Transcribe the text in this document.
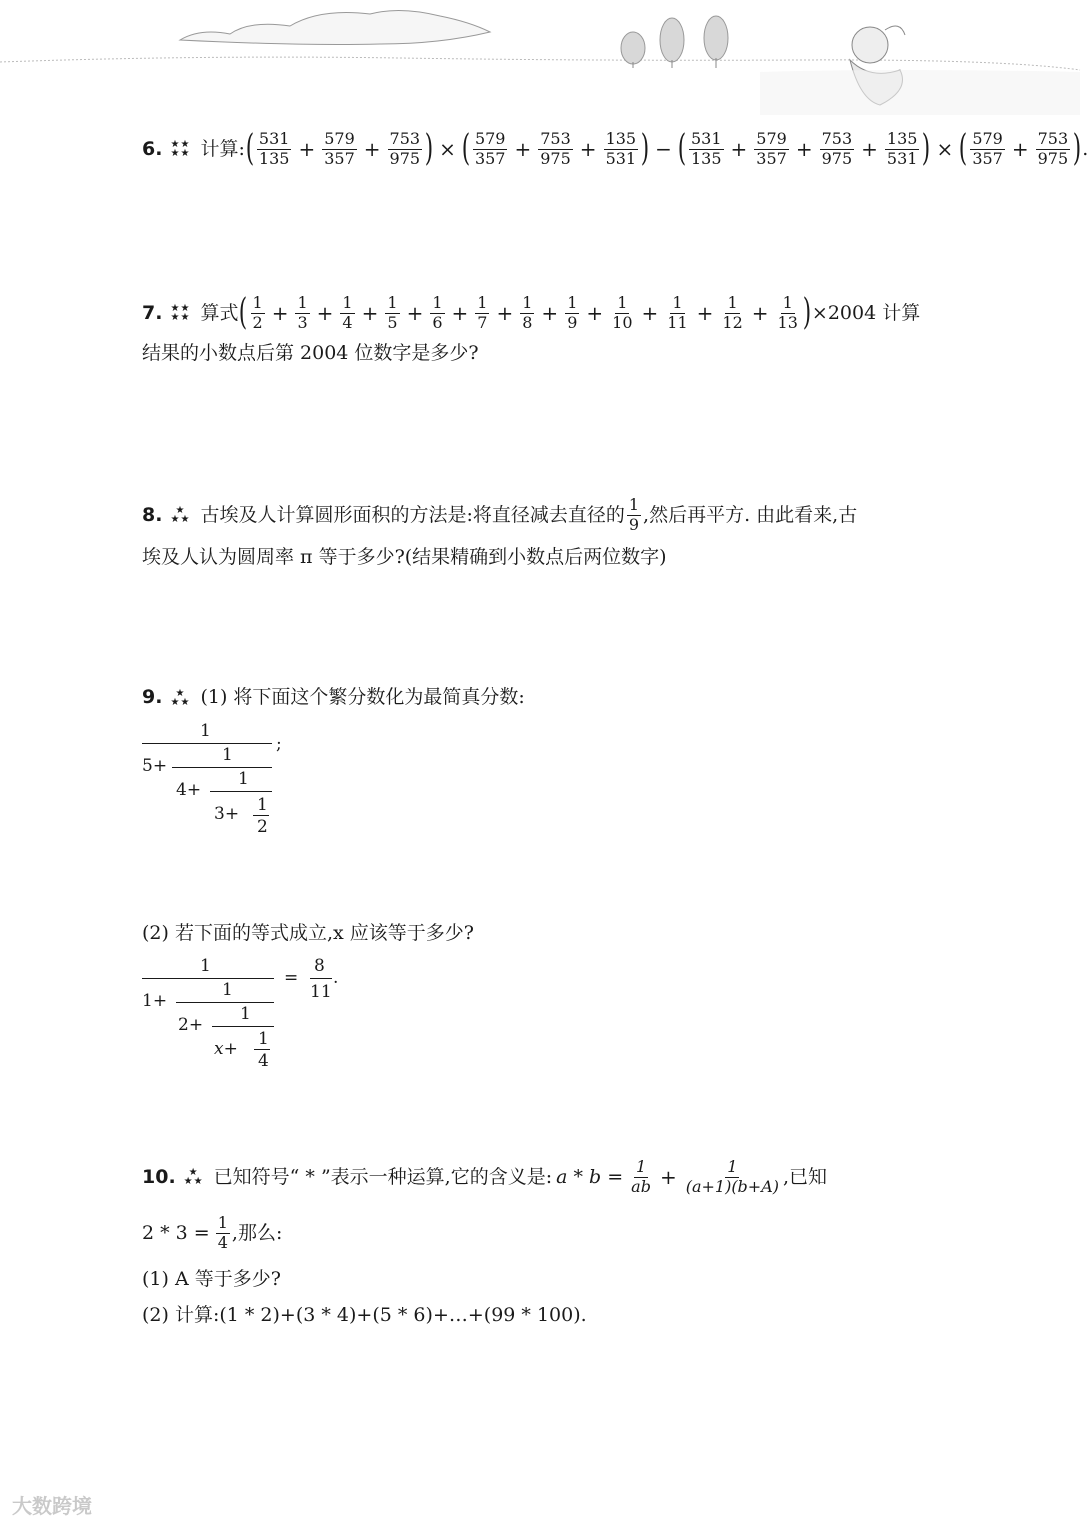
6. ★ ★
★ ★ 计算: ( $\frac{531}{135} + \frac{579}{357} + \frac{753}{975}$ ) × ( $\frac{579}{357} + \frac{753}{975} + \frac{135}{531}$ ) − ( $\frac{531}{135} + \frac{579}{357} + \frac{753}{975} + \frac{135}{531}$ ) × ( $\frac{579}{357} + \frac{753}{975}$ ) .
7. ★ ★
★ ★ 算式 ( $\frac{1}{2} + \frac{1}{3} + \frac{1}{4} + \frac{1}{5} + \frac{1}{6} + \frac{1}{7} + \frac{1}{8} + \frac{1}{9} + \frac{1}{10} + \frac{1}{11} + \frac{1}{12} + \frac{1}{13}$ ) ×2004 计算
结果的小数点后第 2004 位数字是多少?
8. ★
★ ★ 古埃及人计算圆形面积的方法是:将直径减去直径的 $\frac{1}{9}$ ,然后再平方. 由此看来,古
埃及人认为圆周率 π 等于多少?(结果精确到小数点后两位数字)
9. ★
★ ★ (1) 将下面这个繁分数化为最简真分数:
1
;
5+
1
4+
1
3+ 1
2
(2) 若下面的等式成立,x 应该等于多少?
1
=
8
11
.
1+
1
2+
1
x+ 1
4
10. ★
★ ★ 已知符号“ * ”表示一种运算,它的含义是: $a * b = \frac{1}{ab} + \frac{1}{(a+1)(b+A)}$ ,已知
$2 * 3 = \frac{1}{4}$ ,那么:
(1) A 等于多少?
(2) 计算:(1 * 2)+(3 * 4)+(5 * 6)+…+(99 * 100).
大数跨境
